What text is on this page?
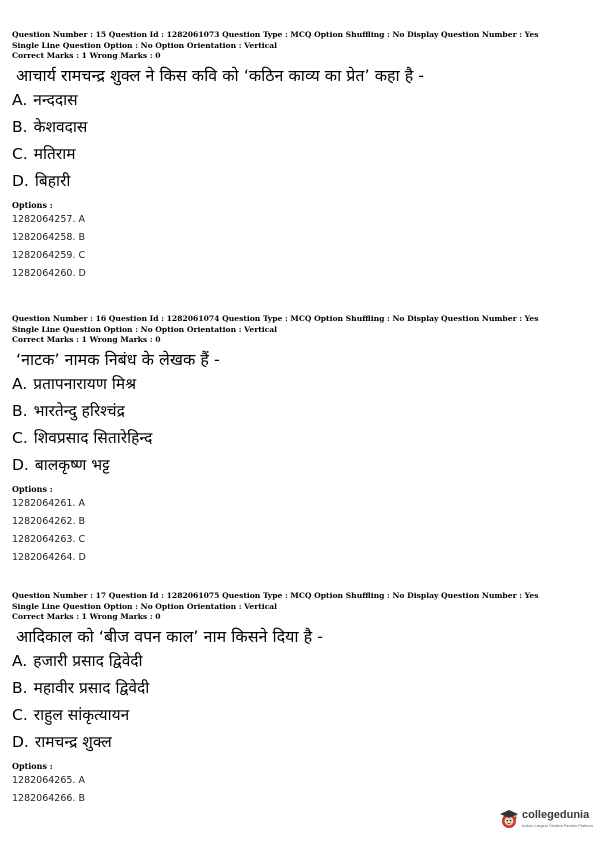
Question Number : 15 Question Id : 1282061073 Question Type : MCQ Option Shuffling : No Display Question Number : Yes
Single Line Question Option : No Option Orientation : Vertical
Correct Marks : 1 Wrong Marks : 0
आचार्य रामचन्द्र शुक्ल ने किस कवि को ‘कठिन काव्य का प्रेत’ कहा है -
A. नन्ददास
B. केशवदास
C. मतिराम
D. बिहारी
Options :
1282064257. A
1282064258. B
1282064259. C
1282064260. D
Question Number : 16 Question Id : 1282061074 Question Type : MCQ Option Shuffling : No Display Question Number : Yes
Single Line Question Option : No Option Orientation : Vertical
Correct Marks : 1 Wrong Marks : 0
‘नाटक’ नामक निबंध के लेखक हैं -
A. प्रतापनारायण मिश्र
B. भारतेन्दु हरिश्चंद्र
C. शिवप्रसाद सितारेहिन्द
D. बालकृष्ण भट्ट
Options :
1282064261. A
1282064262. B
1282064263. C
1282064264. D
Question Number : 17 Question Id : 1282061075 Question Type : MCQ Option Shuffling : No Display Question Number : Yes
Single Line Question Option : No Option Orientation : Vertical
Correct Marks : 1 Wrong Marks : 0
आदिकाल को ‘बीज वपन काल’ नाम किसने दिया है -
A. हजारी प्रसाद द्विवेदी
B. महावीर प्रसाद द्विवेदी
C. राहुल सांकृत्यायन
D. रामचन्द्र शुक्ल
Options :
1282064265. A
1282064266. B
collegedunia
India's Largest Student Review Platform
